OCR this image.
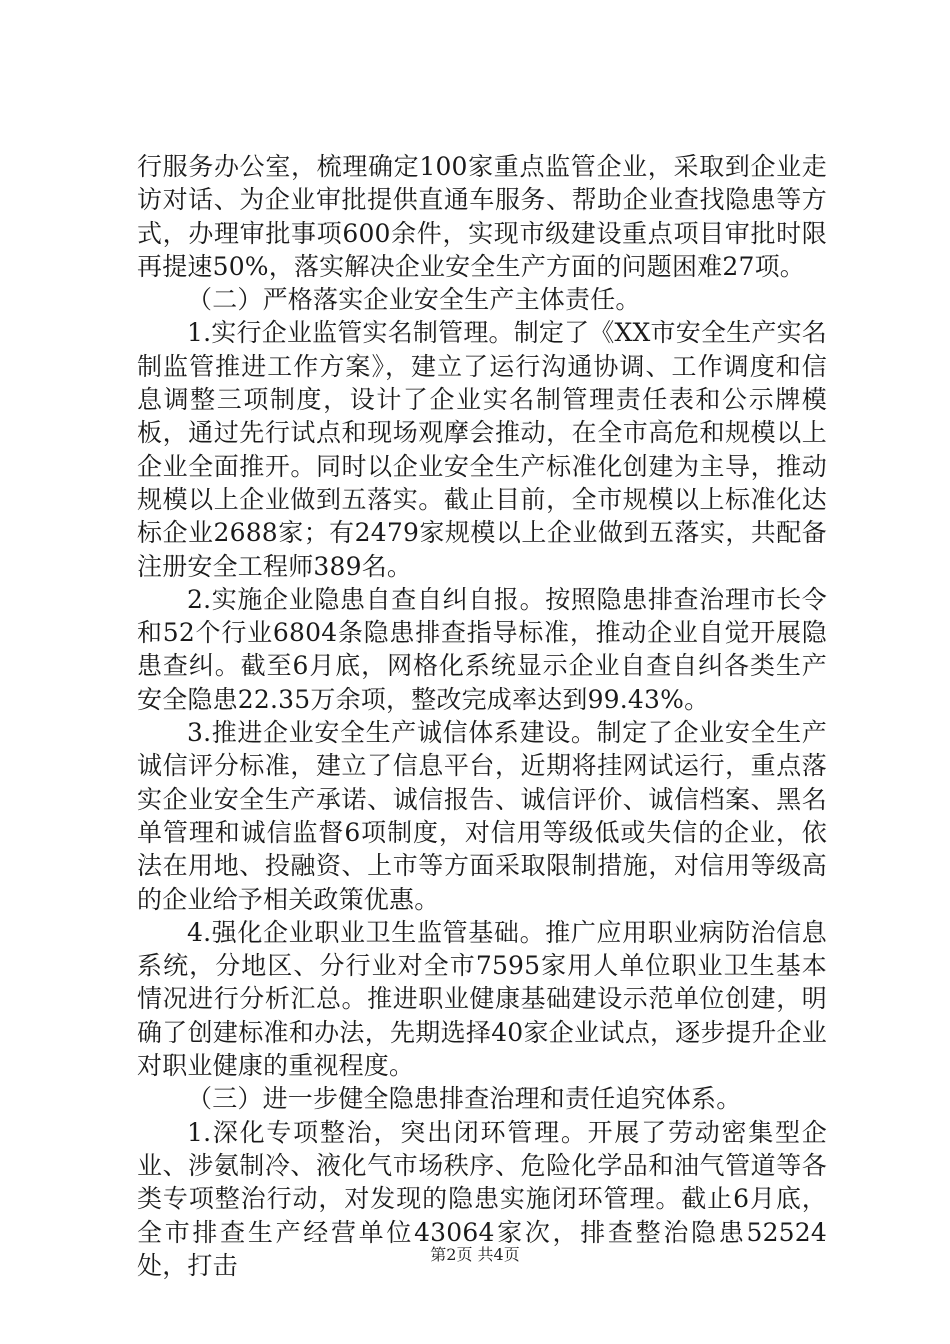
行服务办公室，梳理确定100家重点监管企业，采取到企业走访对话、为企业审批提供直通车服务、帮助企业查找隐患等方式，办理审批事项600余件，实现市级建设重点项目审批时限再提速50%，落实解决企业安全生产方面的问题困难27项。

（二）严格落实企业安全生产主体责任。

1.实行企业监管实名制管理。制定了《XX市安全生产实名制监管推进工作方案》，建立了运行沟通协调、工作调度和信息调整三项制度，设计了企业实名制管理责任表和公示牌模板，通过先行试点和现场观摩会推动，在全市高危和规模以上企业全面推开。同时以企业安全生产标准化创建为主导，推动规模以上企业做到五落实。截止目前，全市规模以上标准化达标企业2688家；有2479家规模以上企业做到五落实，共配备注册安全工程师389名。

2.实施企业隐患自查自纠自报。按照隐患排查治理市长令和52个行业6804条隐患排查指导标准，推动企业自觉开展隐患查纠。截至6月底，网格化系统显示企业自查自纠各类生产安全隐患22.35万余项，整改完成率达到99.43%。

3.推进企业安全生产诚信体系建设。制定了企业安全生产诚信评分标准，建立了信息平台，近期将挂网试运行，重点落实企业安全生产承诺、诚信报告、诚信评价、诚信档案、黑名单管理和诚信监督6项制度，对信用等级低或失信的企业，依法在用地、投融资、上市等方面采取限制措施，对信用等级高的企业给予相关政策优惠。

4.强化企业职业卫生监管基础。推广应用职业病防治信息系统，分地区、分行业对全市7595家用人单位职业卫生基本情况进行分析汇总。推进职业健康基础建设示范单位创建，明确了创建标准和办法，先期选择40家企业试点，逐步提升企业对职业健康的重视程度。

（三）进一步健全隐患排查治理和责任追究体系。

1.深化专项整治，突出闭环管理。开展了劳动密集型企业、涉氨制冷、液化气市场秩序、危险化学品和油气管道等各类专项整治行动，对发现的隐患实施闭环管理。截止6月底，全市排查生产经营单位43064家次，排查整治隐患52524处，打击	第2页 共4页
